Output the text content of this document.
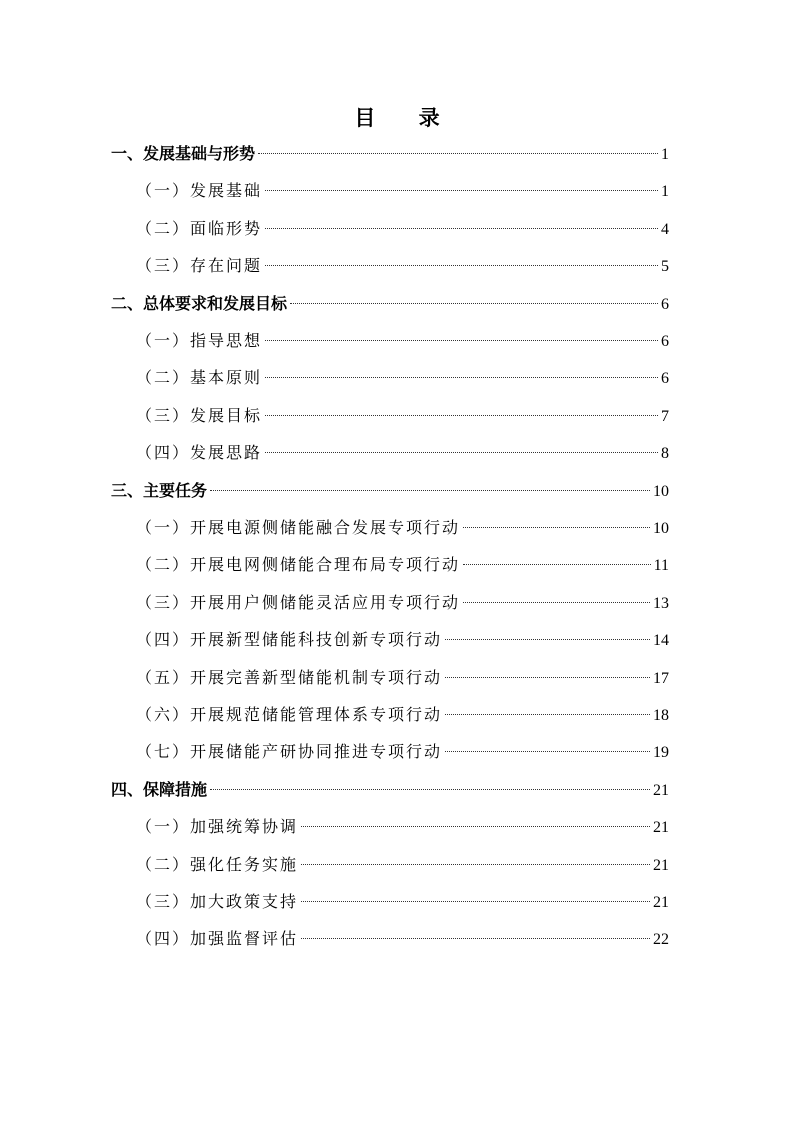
目 录
一、发展基础与形势	1
（一）发展基础	1
（二）面临形势	4
（三）存在问题	5
二、总体要求和发展目标	6
（一）指导思想	6
（二）基本原则	6
（三）发展目标	7
（四）发展思路	8
三、主要任务	10
（一）开展电源侧储能融合发展专项行动	10
（二）开展电网侧储能合理布局专项行动	11
（三）开展用户侧储能灵活应用专项行动	13
（四）开展新型储能科技创新专项行动	14
（五）开展完善新型储能机制专项行动	17
（六）开展规范储能管理体系专项行动	18
（七）开展储能产研协同推进专项行动	19
四、保障措施	21
（一）加强统筹协调	21
（二）强化任务实施	21
（三）加大政策支持	21
（四）加强监督评估	22
